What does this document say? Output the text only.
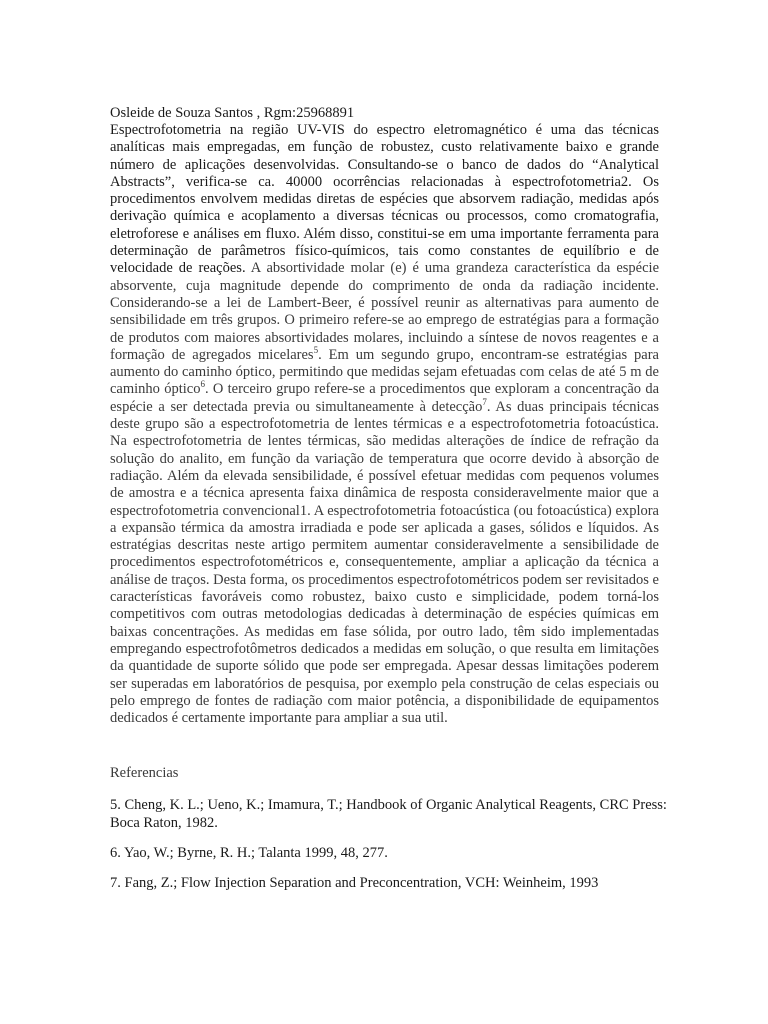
Osleide de Souza Santos , Rgm:25968891

Espectrofotometria na região UV-VIS do espectro eletromagnético é uma das técnicas analíticas mais empregadas, em função de robustez, custo relativamente baixo e grande número de aplicações desenvolvidas. Consultando-se o banco de dados do “Analytical Abstracts”, verifica-se ca. 40000 ocorrências relacionadas à espectrofotometria2. Os procedimentos envolvem medidas diretas de espécies que absorvem radiação, medidas após derivação química e acoplamento a diversas técnicas ou processos, como cromatografia, eletroforese e análises em fluxo. Além disso, constitui-se em uma importante ferramenta para determinação de parâmetros físico-químicos, tais como constantes de equilíbrio e de velocidade de reações. A absortividade molar (e) é uma grandeza característica da espécie absorvente, cuja magnitude depende do comprimento de onda da radiação incidente. Considerando-se a lei de Lambert-Beer, é possível reunir as alternativas para aumento de sensibilidade em três grupos. O primeiro refere-se ao emprego de estratégias para a formação de produtos com maiores absortividades molares, incluindo a síntese de novos reagentes e a formação de agregados micelares$^5$. Em um segundo grupo, encontram-se estratégias para aumento do caminho óptico, permitindo que medidas sejam efetuadas com celas de até 5 m de caminho óptico$^6$. O terceiro grupo refere-se a procedimentos que exploram a concentração da espécie a ser detectada previa ou simultaneamente à detecção$^7$. As duas principais técnicas deste grupo são a espectrofotometria de lentes térmicas e a espectrofotometria fotoacústica. Na espectrofotometria de lentes térmicas, são medidas alterações de índice de refração da solução do analito, em função da variação de temperatura que ocorre devido à absorção de radiação. Além da elevada sensibilidade, é possível efetuar medidas com pequenos volumes de amostra e a técnica apresenta faixa dinâmica de resposta consideravelmente maior que a espectrofotometria convencional1. A espectrofotometria fotoacústica (ou fotoacústica) explora a expansão térmica da amostra irradiada e pode ser aplicada a gases, sólidos e líquidos. As estratégias descritas neste artigo permitem aumentar consideravelmente a sensibilidade de procedimentos espectrofotométricos e, consequentemente, ampliar a aplicação da técnica a análise de traços. Desta forma, os procedimentos espectrofotométricos podem ser revisitados e características favoráveis como robustez, baixo custo e simplicidade, podem torná-los competitivos com outras metodologias dedicadas à determinação de espécies químicas em baixas concentrações. As medidas em fase sólida, por outro lado, têm sido implementadas empregando espectrofotômetros dedicados a medidas em solução, o que resulta em limitações da quantidade de suporte sólido que pode ser empregada. Apesar dessas limitações poderem ser superadas em laboratórios de pesquisa, por exemplo pela construção de celas especiais ou pelo emprego de fontes de radiação com maior potência, a disponibilidade de equipamentos dedicados é certamente importante para ampliar a sua util.

Referencias

5. Cheng, K. L.; Ueno, K.; Imamura, T.; Handbook of Organic Analytical Reagents, CRC Press: Boca Raton, 1982.
6. Yao, W.; Byrne, R. H.; Talanta 1999, 48, 277.
7. Fang, Z.; Flow Injection Separation and Preconcentration, VCH: Weinheim, 1993
